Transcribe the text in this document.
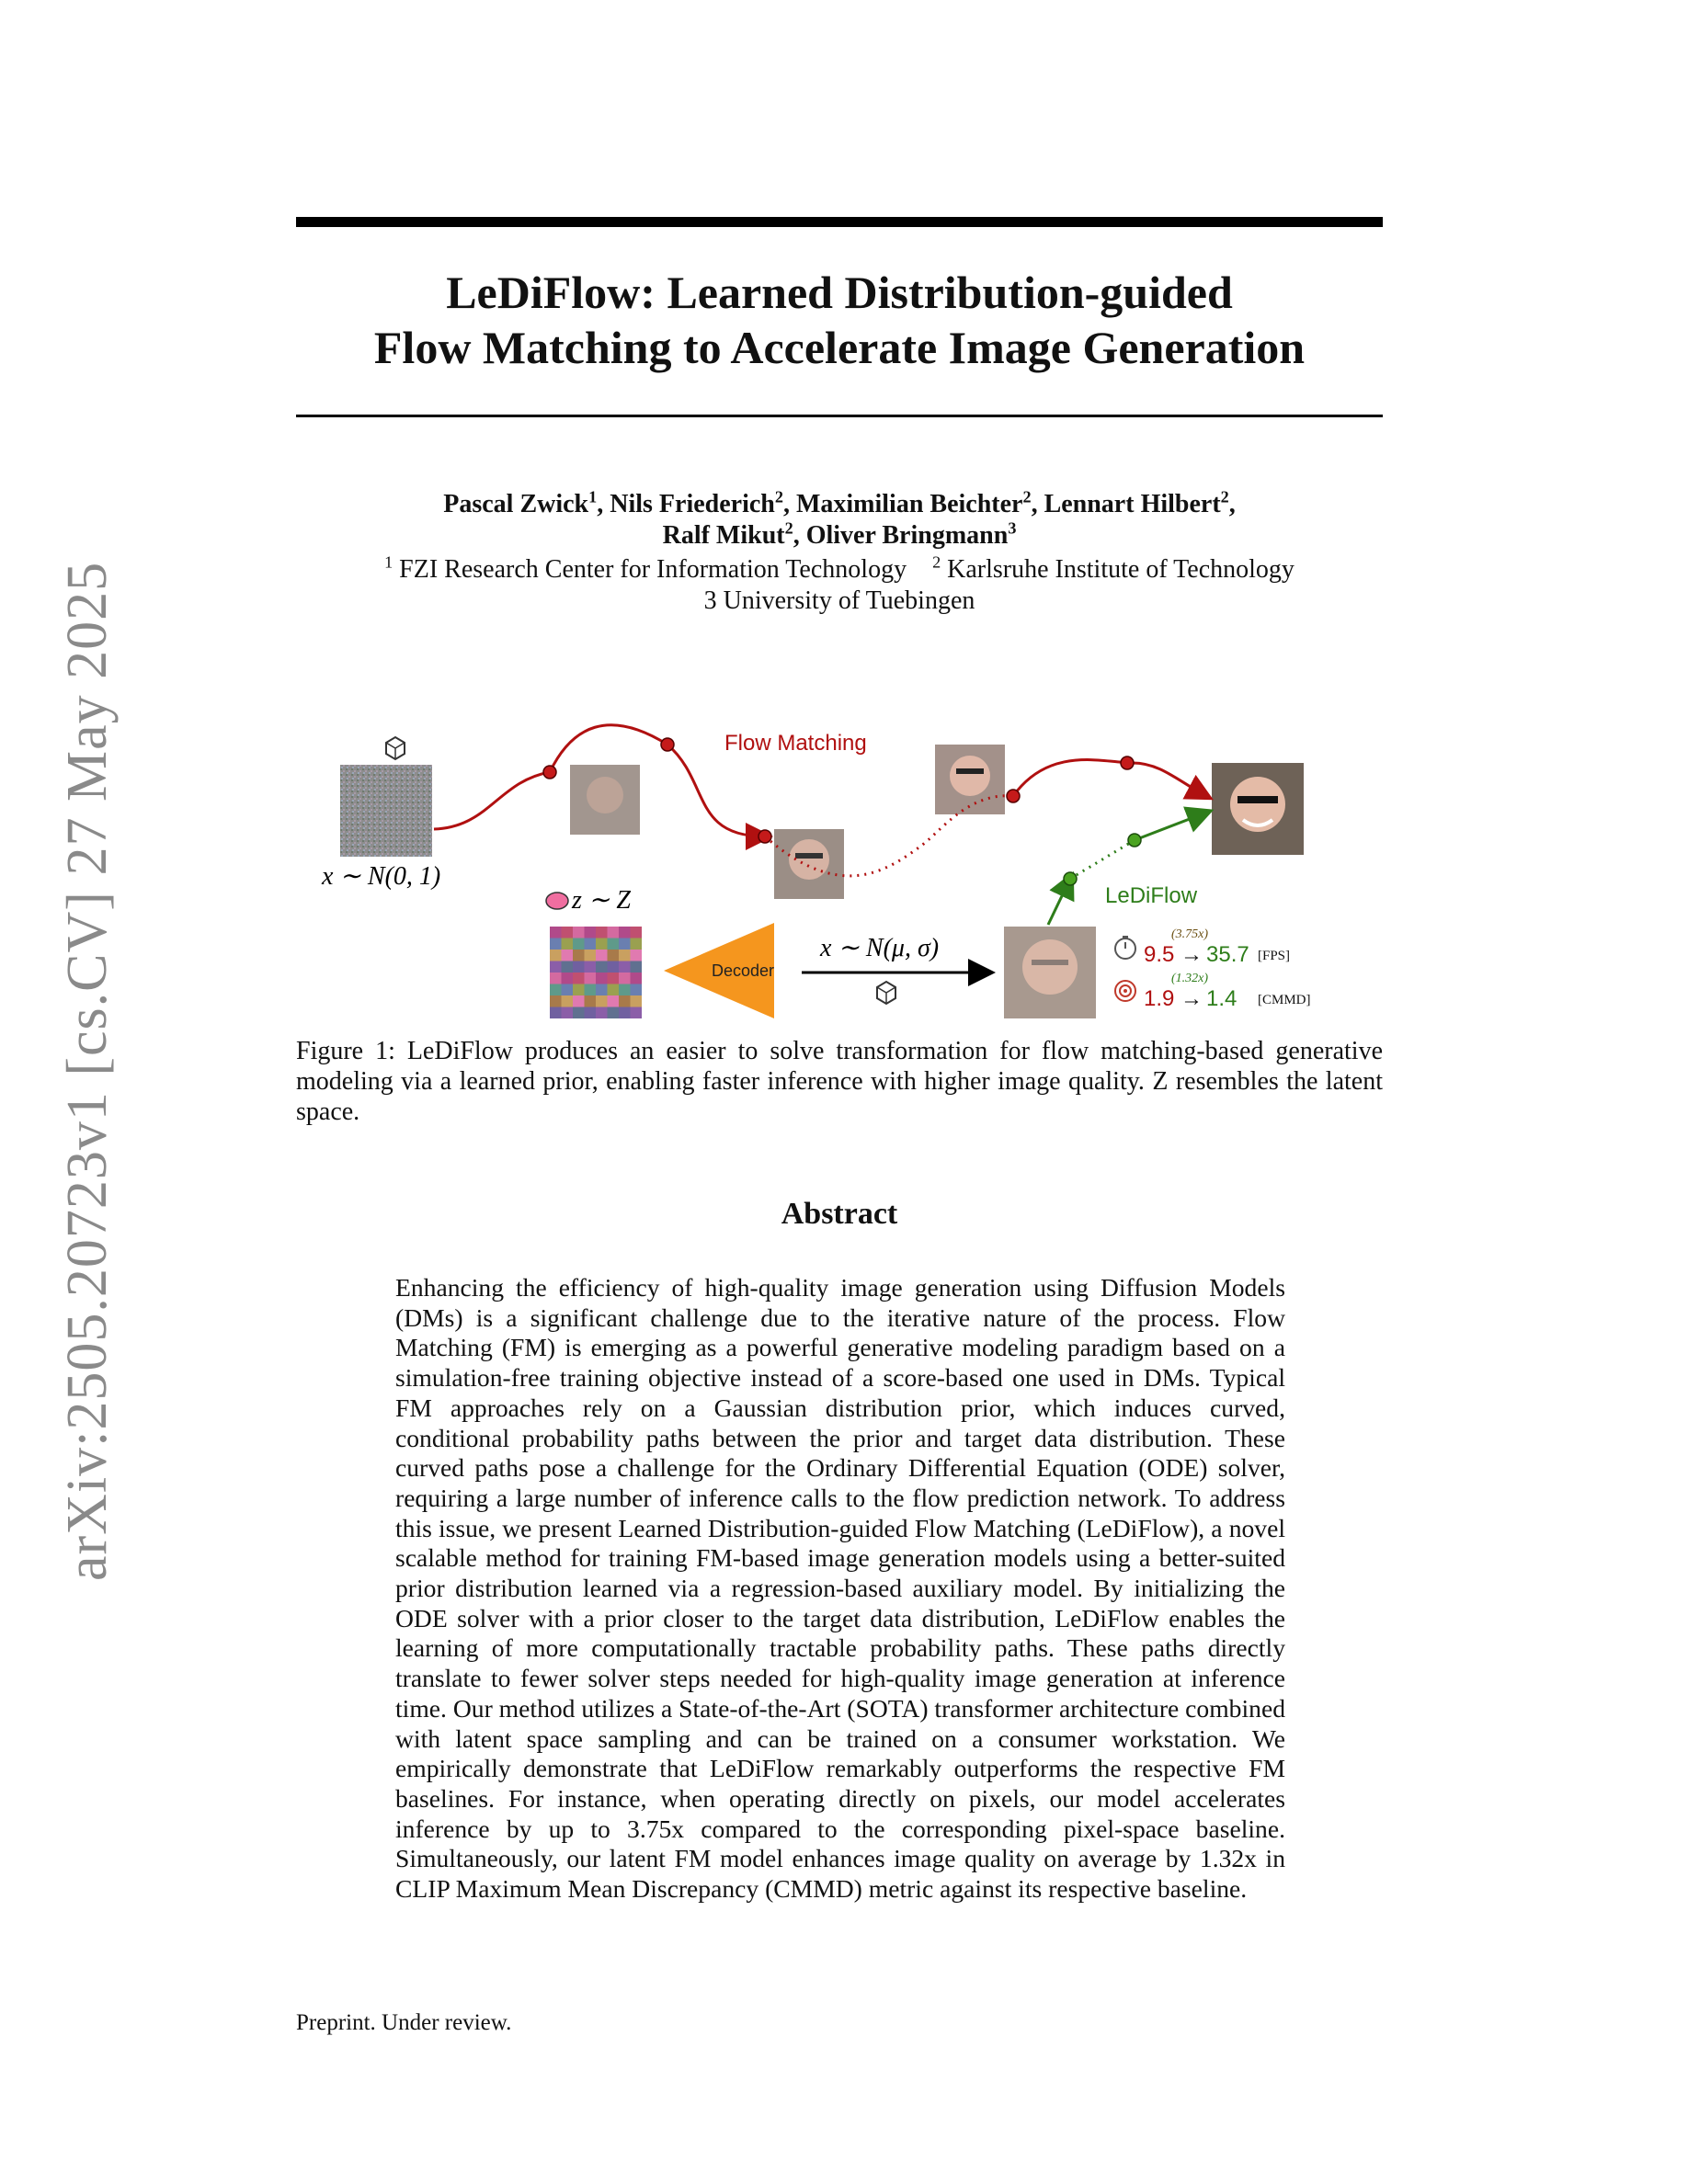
arXiv:2505.20723v1 [cs.CV] 27 May 2025
LeDiFlow: Learned Distribution-guided
Flow Matching to Accelerate Image Generation
Pascal Zwick$^1$, Nils Friederich$^2$, Maximilian Beichter$^2$, Lennart Hilbert$^2$,
Ralf Mikut$^2$, Oliver Bringmann$^3$
$^1$ FZI Research Center for Information Technology $^2$ Karlsruhe Institute of Technology
3 University of Tuebingen
x ∼ N(0, 1)
Flow Matching
LeDiFlow
z ∼ Z
Decoder
x ∼ N(μ, σ)	(3.75x)
9.5 → 35.7 [FPS]
(1.32x)
1.9 → 1.4 [CMMD]
Figure 1: LeDiFlow produces an easier to solve transformation for flow matching-based generative modeling via a learned prior, enabling faster inference with higher image quality. Z resembles the latent space.
Abstract
Enhancing the efficiency of high-quality image generation using Diffusion Models (DMs) is a significant challenge due to the iterative nature of the process. Flow Matching (FM) is emerging as a powerful generative modeling paradigm based on a simulation-free training objective instead of a score-based one used in DMs. Typical FM approaches rely on a Gaussian distribution prior, which induces curved, conditional probability paths between the prior and target data distribution. These curved paths pose a challenge for the Ordinary Differential Equation (ODE) solver, requiring a large number of inference calls to the flow prediction network. To address this issue, we present Learned Distribution-guided Flow Matching (LeDiFlow), a novel scalable method for training FM-based image generation models using a better-suited prior distribution learned via a regression-based auxiliary model. By initializing the ODE solver with a prior closer to the target data distribution, LeDiFlow enables the learning of more computationally tractable probability paths. These paths directly translate to fewer solver steps needed for high-quality image generation at inference time. Our method utilizes a State-of-the-Art (SOTA) transformer architecture combined with latent space sampling and can be trained on a consumer workstation. We empirically demonstrate that LeDiFlow remarkably outperforms the respective FM baselines. For instance, when operating directly on pixels, our model accelerates inference by up to 3.75x compared to the corresponding pixel-space baseline. Simultaneously, our latent FM model enhances image quality on average by 1.32x in CLIP Maximum Mean Discrepancy (CMMD) metric against its respective baseline.
Preprint. Under review.
